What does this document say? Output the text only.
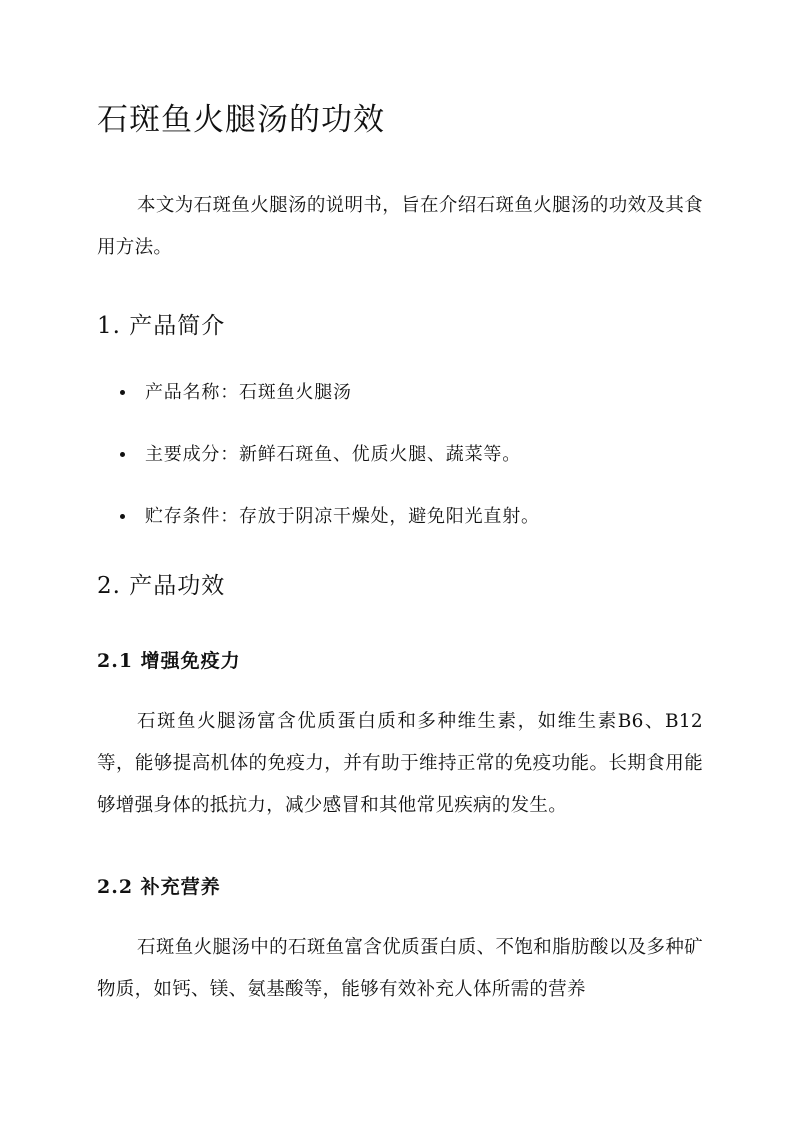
石斑鱼火腿汤的功效

本文为石斑鱼火腿汤的说明书，旨在介绍石斑鱼火腿汤的功效及其食用方法。

1. 产品简介
产品名称：石斑鱼火腿汤
主要成分：新鲜石斑鱼、优质火腿、蔬菜等。
贮存条件：存放于阴凉干燥处，避免阳光直射。
2. 产品功效
2.1 增强免疫力

石斑鱼火腿汤富含优质蛋白质和多种维生素，如维生素B6、B12等，能够提高机体的免疫力，并有助于维持正常的免疫功能。长期食用能够增强身体的抵抗力，减少感冒和其他常见疾病的发生。

2.2 补充营养

石斑鱼火腿汤中的石斑鱼富含优质蛋白质、不饱和脂肪酸以及多种矿物质，如钙、镁、氨基酸等，能够有效补充人体所需的营养
